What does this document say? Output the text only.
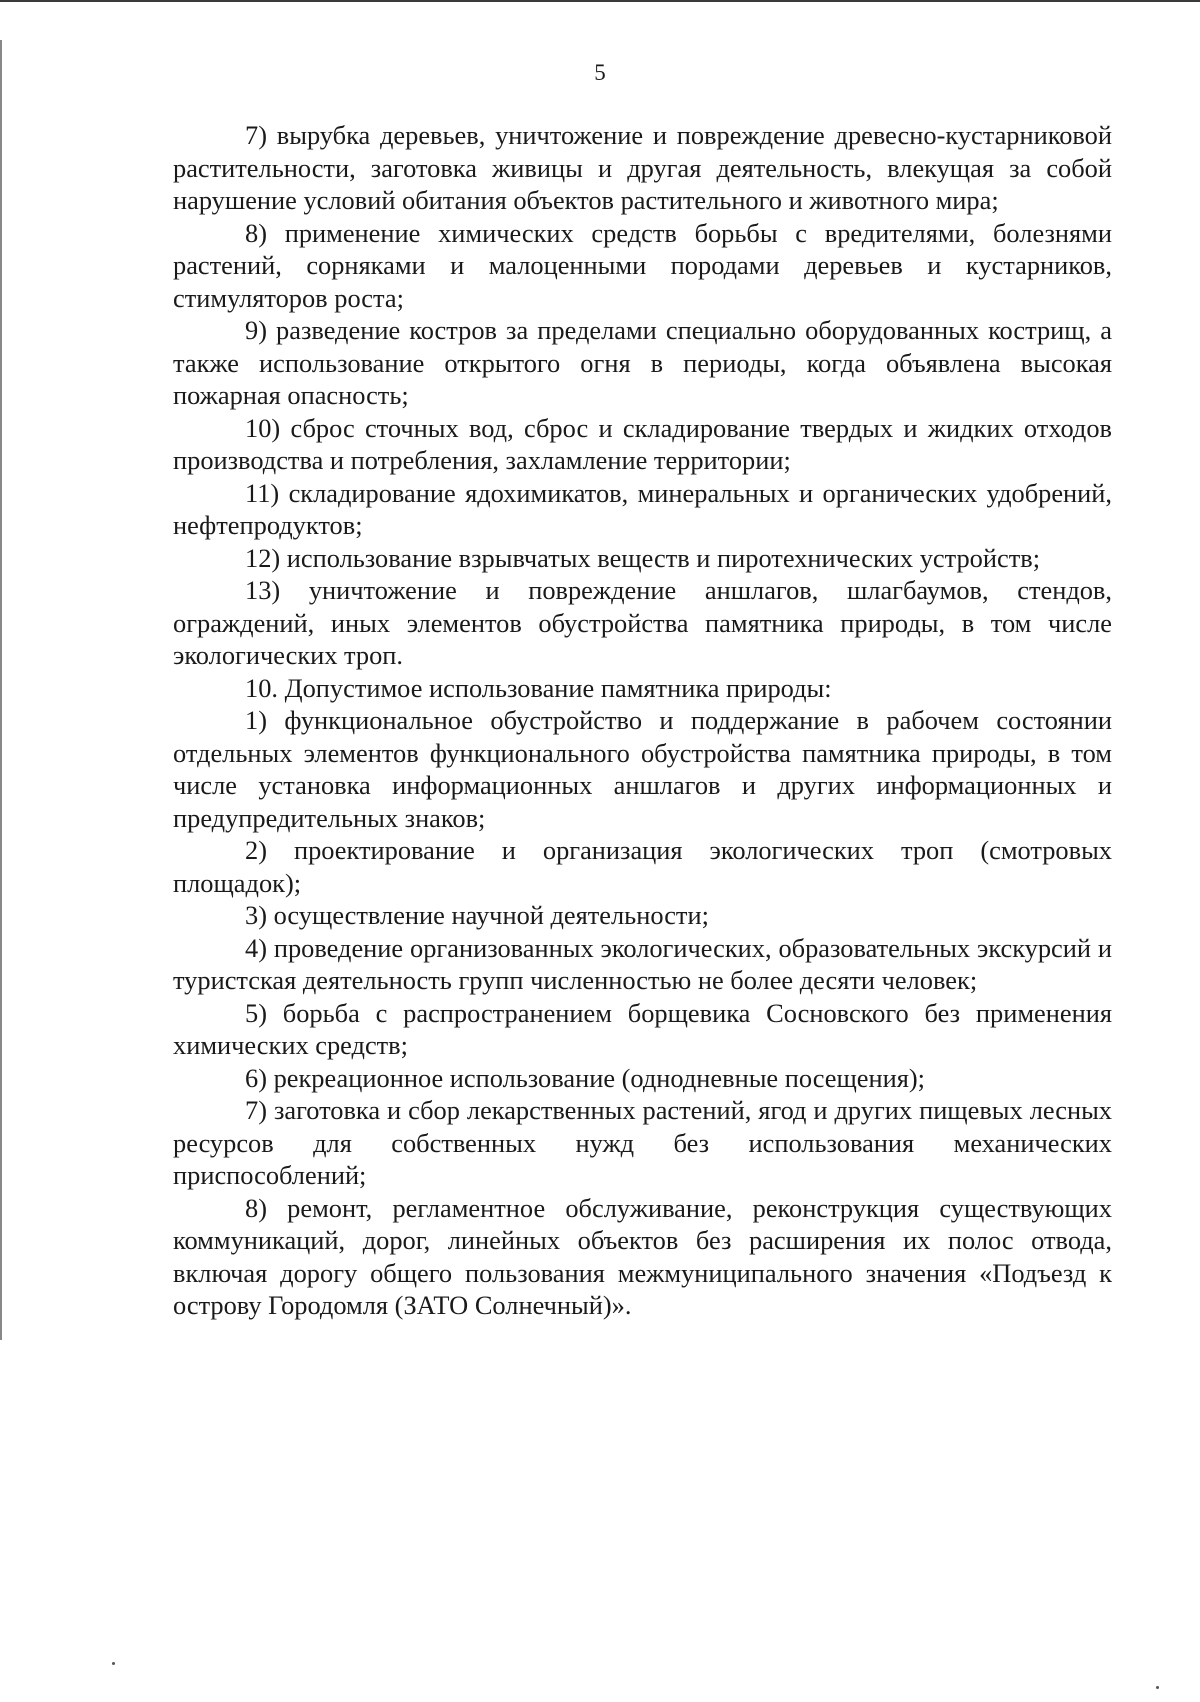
5

7) вырубка деревьев, уничтожение и повреждение древесно-кустарниковой растительности, заготовка живицы и другая деятельность, влекущая за собой нарушение условий обитания объектов растительного и животного мира;

8) применение химических средств борьбы с вредителями, болезнями растений, сорняками и малоценными породами деревьев и кустарников, стимуляторов роста;

9) разведение костров за пределами специально оборудованных кострищ, а также использование открытого огня в периоды, когда объявлена высокая пожарная опасность;

10) сброс сточных вод, сброс и складирование твердых и жидких отходов производства и потребления, захламление территории;

11) складирование ядохимикатов, минеральных и органических удобрений, нефтепродуктов;

12) использование взрывчатых веществ и пиротехнических устройств;

13) уничтожение и повреждение аншлагов, шлагбаумов, стендов, ограждений, иных элементов обустройства памятника природы, в том числе экологических троп.

10. Допустимое использование памятника природы:

1) функциональное обустройство и поддержание в рабочем состоянии отдельных элементов функционального обустройства памятника природы, в том числе установка информационных аншлагов и других информационных и предупредительных знаков;

2) проектирование и организация экологических троп (смотровых площадок);

3) осуществление научной деятельности;

4) проведение организованных экологических, образовательных экскурсий и туристская деятельность групп численностью не более десяти человек;

5) борьба с распространением борщевика Сосновского без применения химических средств;

6) рекреационное использование (однодневные посещения);

7) заготовка и сбор лекарственных растений, ягод и других пищевых лесных ресурсов для собственных нужд без использования механических приспособлений;

8) ремонт, регламентное обслуживание, реконструкция существующих коммуникаций, дорог, линейных объектов без расширения их полос отвода, включая дорогу общего пользования межмуниципального значения «Подъезд к острову Городомля (ЗАТО Солнечный)».
